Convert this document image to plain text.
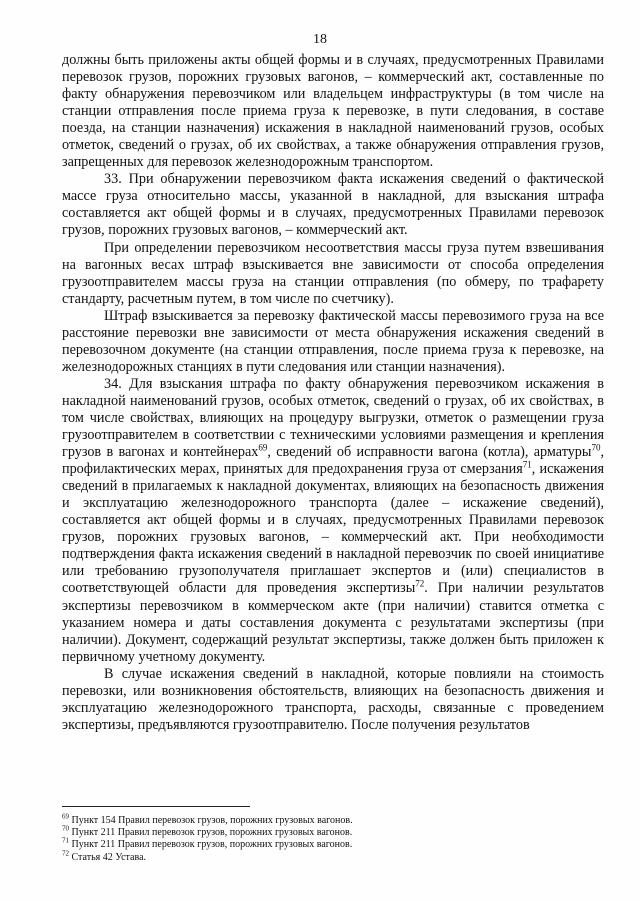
18

должны быть приложены акты общей формы и в случаях, предусмотренных Правилами перевозок грузов, порожних грузовых вагонов, – коммерческий акт, составленные по факту обнаружения перевозчиком или владельцем инфраструктуры (в том числе на станции отправления после приема груза к перевозке, в пути следования, в составе поезда, на станции назначения) искажения в накладной наименований грузов, особых отметок, сведений о грузах, об их свойствах, а также обнаружения отправления грузов, запрещенных для перевозок железнодорожным транспортом.

33. При обнаружении перевозчиком факта искажения сведений о фактической массе груза относительно массы, указанной в накладной, для взыскания штрафа составляется акт общей формы и в случаях, предусмотренных Правилами перевозок грузов, порожних грузовых вагонов, – коммерческий акт.

При определении перевозчиком несоответствия массы груза путем взвешивания на вагонных весах штраф взыскивается вне зависимости от способа определения грузоотправителем массы груза на станции отправления (по обмеру, по трафарету стандарту, расчетным путем, в том числе по счетчику).

Штраф взыскивается за перевозку фактической массы перевозимого груза на все расстояние перевозки вне зависимости от места обнаружения искажения сведений в перевозочном документе (на станции отправления, после приема груза к перевозке, на железнодорожных станциях в пути следования или станции назначения).

34. Для взыскания штрафа по факту обнаружения перевозчиком искажения в накладной наименований грузов, особых отметок, сведений о грузах, об их свойствах, в том числе свойствах, влияющих на процедуру выгрузки, отметок о размещении груза грузоотправителем в соответствии с техническими условиями размещения и крепления грузов в вагонах и контейнерах$^{69}$, сведений об исправности вагона (котла), арматуры$^{70}$, профилактических мерах, принятых для предохранения груза от смерзания$^{71}$, искажения сведений в прилагаемых к накладной документах, влияющих на безопасность движения и эксплуатацию железнодорожного транспорта (далее – искажение сведений), составляется акт общей формы и в случаях, предусмотренных Правилами перевозок грузов, порожних грузовых вагонов, – коммерческий акт. При необходимости подтверждения факта искажения сведений в накладной перевозчик по своей инициативе или требованию грузополучателя приглашает экспертов и (или) специалистов в соответствующей области для проведения экспертизы$^{72}$. При наличии результатов экспертизы перевозчиком в коммерческом акте (при наличии) ставится отметка с указанием номера и даты составления документа с результатами экспертизы (при наличии). Документ, содержащий результат экспертизы, также должен быть приложен к первичному учетному документу.

В случае искажения сведений в накладной, которые повлияли на стоимость перевозки, или возникновения обстоятельств, влияющих на безопасность движения и эксплуатацию железнодорожного транспорта, расходы, связанные с проведением экспертизы, предъявляются грузоотправителю. После получения результатов

$^{69}$ Пункт 154 Правил перевозок грузов, порожних грузовых вагонов.

$^{70}$ Пункт 211 Правил перевозок грузов, порожних грузовых вагонов.

$^{71}$ Пункт 211 Правил перевозок грузов, порожних грузовых вагонов.

$^{72}$ Статья 42 Устава.
